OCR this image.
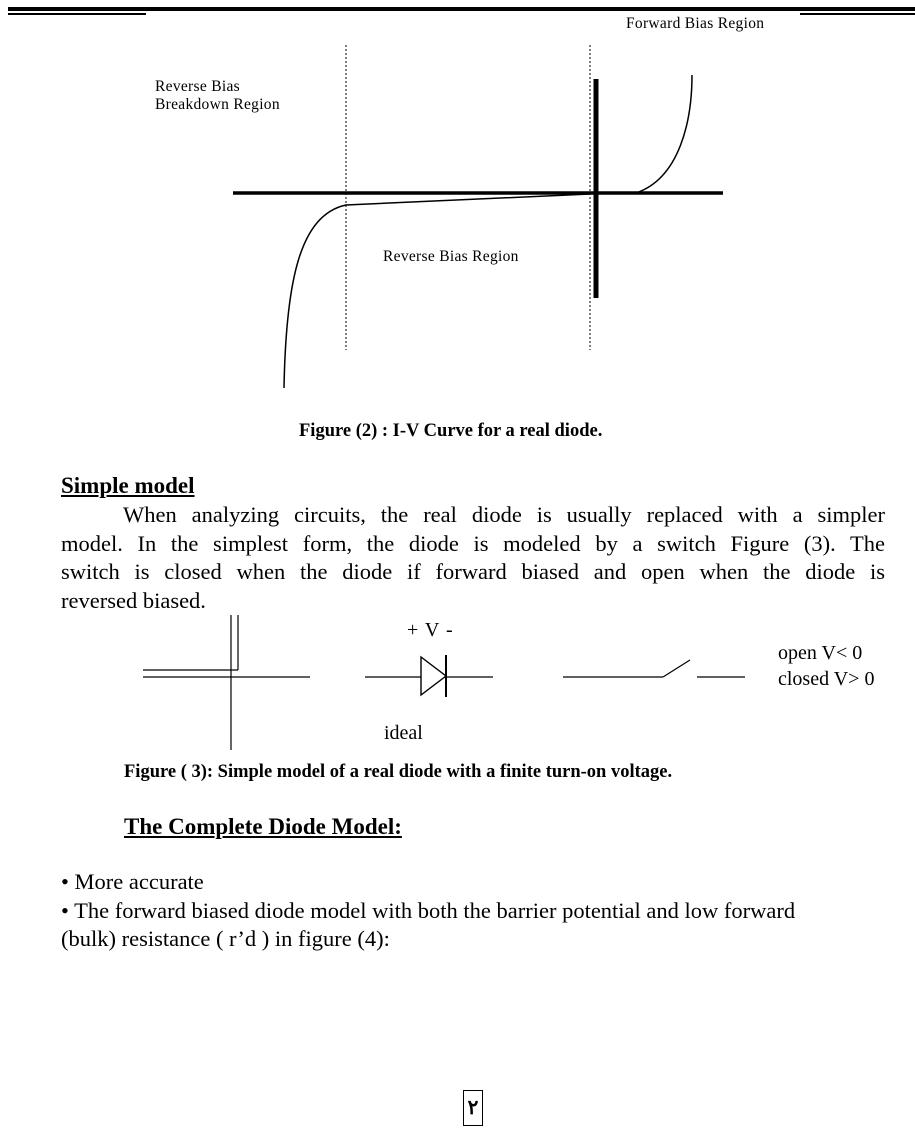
Forward Bias Region
Reverse Bias
Breakdown Region
Reverse Bias Region
Figure (2) : I-V Curve for a real diode.
Simple model
When analyzing circuits, the real diode is usually replaced with a simpler
model. In the simplest form, the diode is modeled by a switch Figure (3). The
switch is closed when the diode if forward biased and open when the diode is
reversed biased.
+ V -
open V< 0
closed V> 0
ideal
Figure ( 3): Simple model of a real diode with a finite turn-on voltage.
The Complete Diode Model:
• More accurate
• The forward biased diode model with both the barrier potential and low forward
(bulk) resistance ( r’d ) in figure (4):
٢
